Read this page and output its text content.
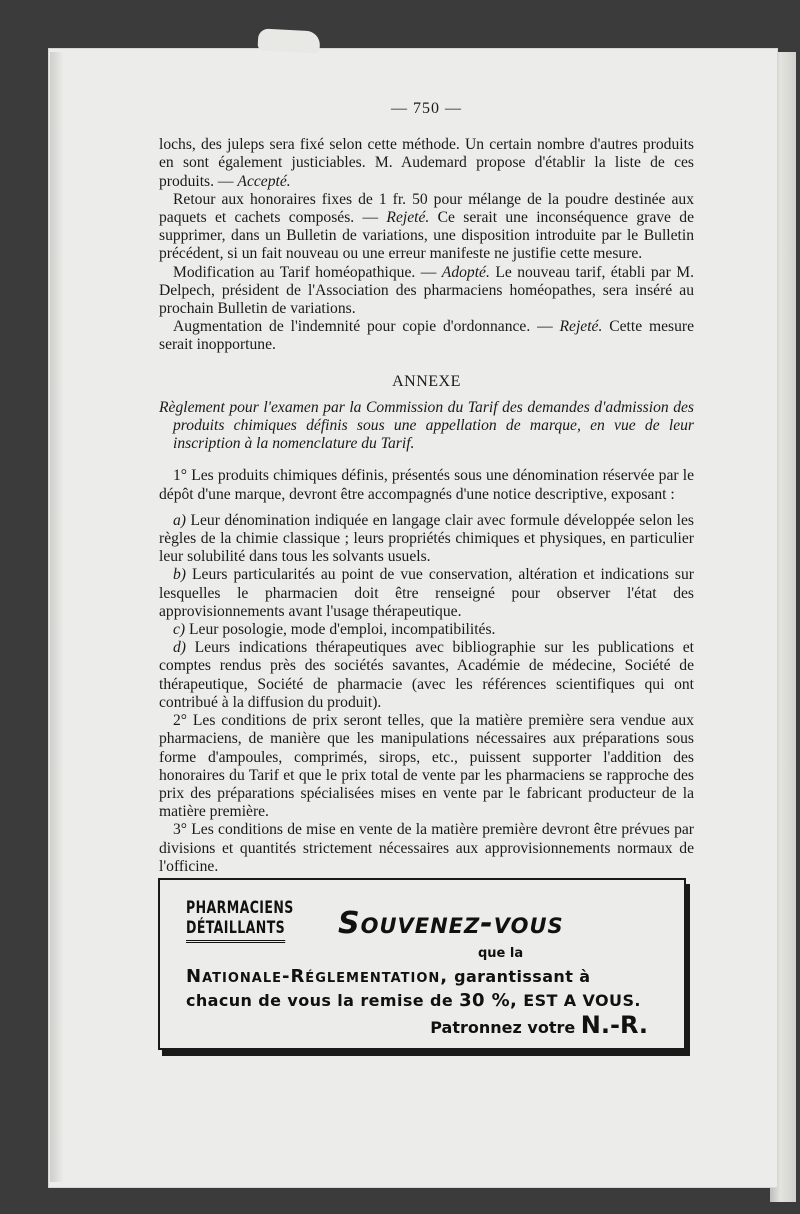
— 750 —

lochs, des juleps sera fixé selon cette méthode. Un certain nombre d'autres produits en sont également justiciables. M. Audemard propose d'établir la liste de ces produits. — Accepté.

Retour aux honoraires fixes de 1 fr. 50 pour mélange de la poudre destinée aux paquets et cachets composés. — Rejeté. Ce serait une inconséquence grave de supprimer, dans un Bulletin de variations, une disposition introduite par le Bulletin précédent, si un fait nouveau ou une erreur manifeste ne justifie cette mesure.

Modification au Tarif homéopathique. — Adopté. Le nouveau tarif, établi par M. Delpech, président de l'Association des pharmaciens homéopathes, sera inséré au prochain Bulletin de variations.

Augmentation de l'indemnité pour copie d'ordonnance. — Rejeté. Cette mesure serait inopportune.

ANNEXE

Règlement pour l'examen par la Commission du Tarif des demandes d'admission des produits chimiques définis sous une appellation de marque, en vue de leur inscription à la nomenclature du Tarif.

1° Les produits chimiques définis, présentés sous une dénomination réservée par le dépôt d'une marque, devront être accompagnés d'une notice descriptive, exposant :

a) Leur dénomination indiquée en langage clair avec formule développée selon les règles de la chimie classique ; leurs propriétés chimiques et physiques, en particulier leur solubilité dans tous les solvants usuels.

b) Leurs particularités au point de vue conservation, altération et indications sur lesquelles le pharmacien doit être renseigné pour observer l'état des approvisionnements avant l'usage thérapeutique.

c) Leur posologie, mode d'emploi, incompatibilités.

d) Leurs indications thérapeutiques avec bibliographie sur les publications et comptes rendus près des sociétés savantes, Académie de médecine, Société de thérapeutique, Société de pharmacie (avec les références scientifiques qui ont contribué à la diffusion du produit).

2° Les conditions de prix seront telles, que la matière première sera vendue aux pharmaciens, de manière que les manipulations nécessaires aux préparations sous forme d'ampoules, comprimés, sirops, etc., puissent supporter l'addition des honoraires du Tarif et que le prix total de vente par les pharmaciens se rapproche des prix des préparations spécialisées mises en vente par le fabricant producteur de la matière première.

3° Les conditions de mise en vente de la matière première devront être prévues par divisions et quantités strictement nécessaires aux approvisionnements normaux de l'officine.

PHARMACIENS
DÉTAILLANTS Souvenez-vous
que la
Nationale-Réglementation, garantissant à
chacun de vous la remise de 30 %, EST A VOUS.
Patronnez votre N.-R.
